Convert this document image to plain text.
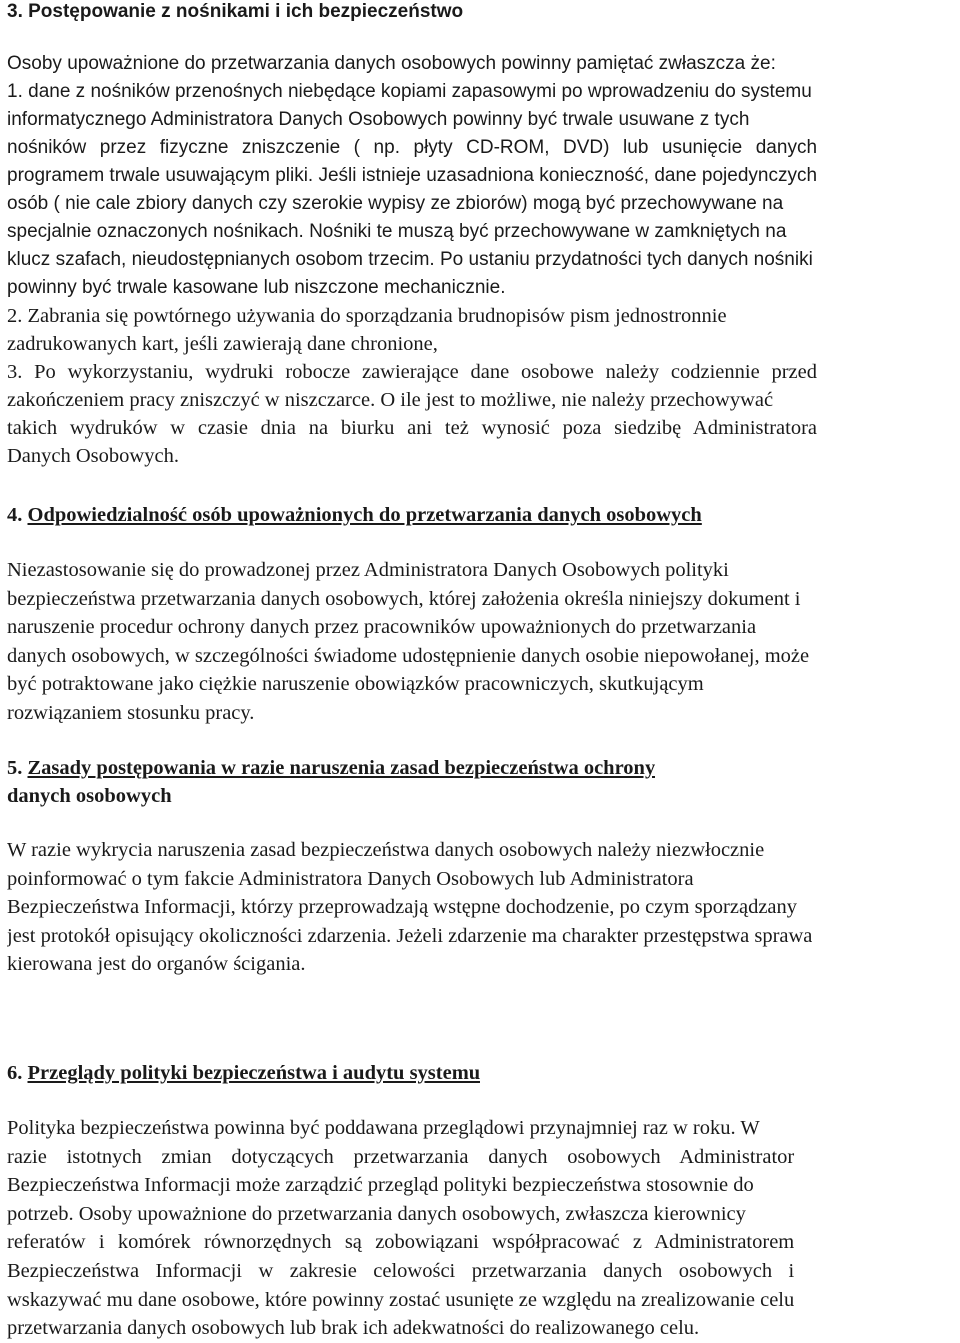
3. Postępowanie z nośnikami i ich bezpieczeństwo
Osoby upoważnione do przetwarzania danych osobowych powinny pamiętać zwłaszcza że:
1. dane z nośników przenośnych niebędące kopiami zapasowymi po wprowadzeniu do systemu
informatycznego Administratora Danych Osobowych powinny być trwale usuwane z tych
nośników przez fizyczne zniszczenie ( np. płyty CD-ROM, DVD) lub usunięcie danych
programem trwale usuwającym pliki. Jeśli istnieje uzasadniona konieczność, dane pojedynczych
osób ( nie cale zbiory danych czy szerokie wypisy ze zbiorów) mogą być przechowywane na
specjalnie oznaczonych nośnikach. Nośniki te muszą być przechowywane w zamkniętych na
klucz szafach, nieudostępnianych osobom trzecim. Po ustaniu przydatności tych danych nośniki
powinny być trwale kasowane lub niszczone mechanicznie.
2. Zabrania się powtórnego używania do sporządzania brudnopisów pism jednostronnie
zadrukowanych kart, jeśli zawierają dane chronione,
3. Po wykorzystaniu, wydruki robocze zawierające dane osobowe należy codziennie przed
zakończeniem pracy zniszczyć w niszczarce. O ile jest to możliwe, nie należy przechowywać
takich wydruków w czasie dnia na biurku ani też wynosić poza siedzibę Administratora
Danych Osobowych.
4. Odpowiedzialność osób upoważnionych do przetwarzania danych osobowych
Niezastosowanie się do prowadzonej przez Administratora Danych Osobowych polityki
bezpieczeństwa przetwarzania danych osobowych, której założenia określa niniejszy dokument i
naruszenie procedur ochrony danych przez pracowników upoważnionych do przetwarzania
danych osobowych, w szczególności świadome udostępnienie danych osobie niepowołanej, może
być potraktowane jako ciężkie naruszenie obowiązków pracowniczych, skutkującym
rozwiązaniem stosunku pracy.
5. Zasady postępowania w razie naruszenia zasad bezpieczeństwa ochrony
danych osobowych
W razie wykrycia naruszenia zasad bezpieczeństwa danych osobowych należy niezwłocznie
poinformować o tym fakcie Administratora Danych Osobowych lub Administratora
Bezpieczeństwa Informacji, którzy przeprowadzają wstępne dochodzenie, po czym sporządzany
jest protokół opisujący okoliczności zdarzenia. Jeżeli zdarzenie ma charakter przestępstwa sprawa
kierowana jest do organów ścigania.
6. Przeglądy polityki bezpieczeństwa i audytu systemu
Polityka bezpieczeństwa powinna być poddawana przeglądowi przynajmniej raz w roku. W
razie istotnych zmian dotyczących przetwarzania danych osobowych Administrator
Bezpieczeństwa Informacji może zarządzić przegląd polityki bezpieczeństwa stosownie do
potrzeb. Osoby upoważnione do przetwarzania danych osobowych, zwłaszcza kierownicy
referatów i komórek równorzędnych są zobowiązani współpracować z Administratorem
Bezpieczeństwa Informacji w zakresie celowości przetwarzania danych osobowych i
wskazywać mu dane osobowe, które powinny zostać usunięte ze względu na zrealizowanie celu
przetwarzania danych osobowych lub brak ich adekwatności do realizowanego celu.
